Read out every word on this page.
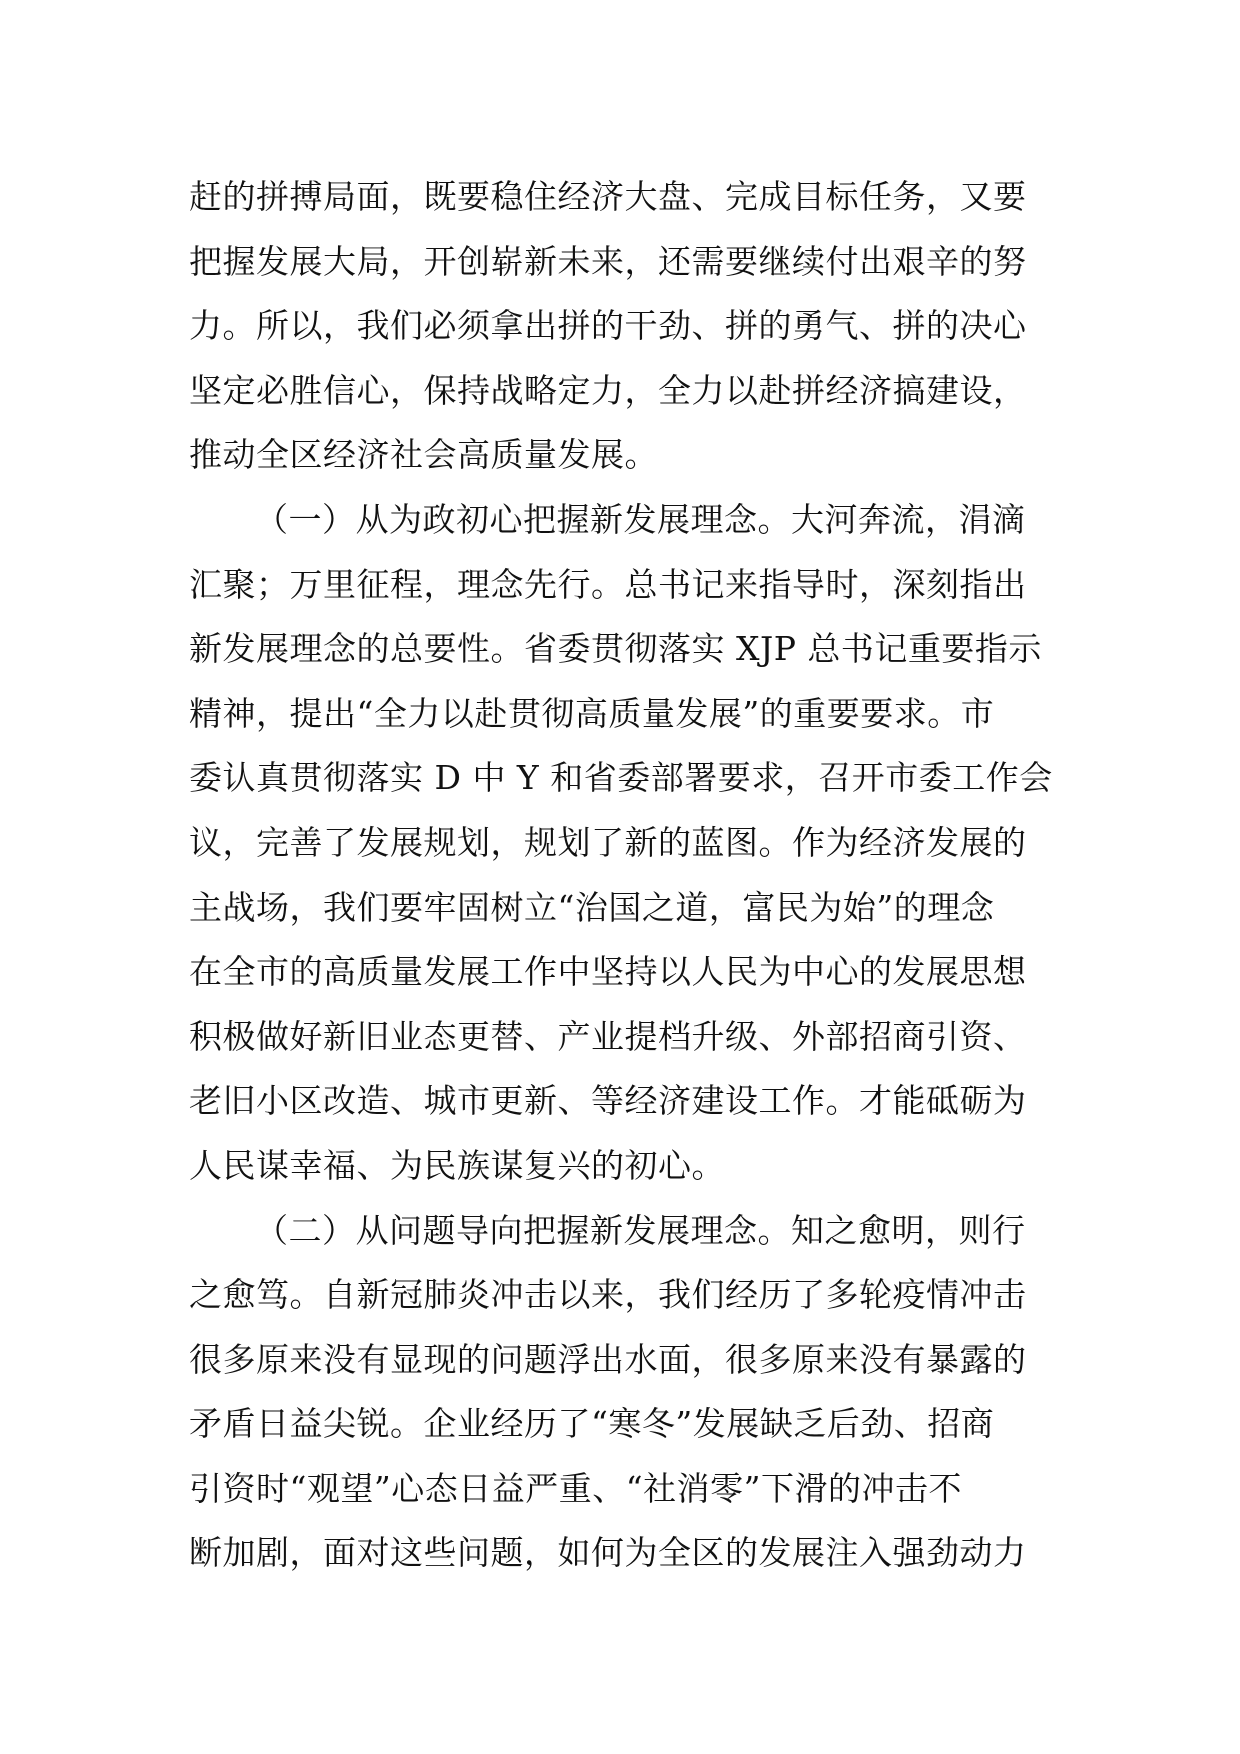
赶的拼搏局面，既要稳住经济大盘、完成目标任务，又要
把握发展大局，开创崭新未来，还需要继续付出艰辛的努
力。所以，我们必须拿出拼的干劲、拼的勇气、拼的决心
坚定必胜信心，保持战略定力，全力以赴拼经济搞建设，
推动全区经济社会高质量发展。
（一）从为政初心把握新发展理念。大河奔流，涓滴
汇聚；万里征程，理念先行。总书记来指导时，深刻指出
新发展理念的总要性。省委贯彻落实 XJP 总书记重要指示
精神，提出“全力以赴贯彻高质量发展”的重要要求。市
委认真贯彻落实 D 中 Y 和省委部署要求，召开市委工作会
议，完善了发展规划，规划了新的蓝图。作为经济发展的
主战场，我们要牢固树立“治国之道，富民为始”的理念
在全市的高质量发展工作中坚持以人民为中心的发展思想
积极做好新旧业态更替、产业提档升级、外部招商引资、
老旧小区改造、城市更新、等经济建设工作。才能砥砺为
人民谋幸福、为民族谋复兴的初心。
（二）从问题导向把握新发展理念。知之愈明，则行
之愈笃。自新冠肺炎冲击以来，我们经历了多轮疫情冲击
很多原来没有显现的问题浮出水面，很多原来没有暴露的
矛盾日益尖锐。企业经历了“寒冬”发展缺乏后劲、招商
引资时“观望”心态日益严重、“社消零”下滑的冲击不
断加剧，面对这些问题，如何为全区的发展注入强劲动力
